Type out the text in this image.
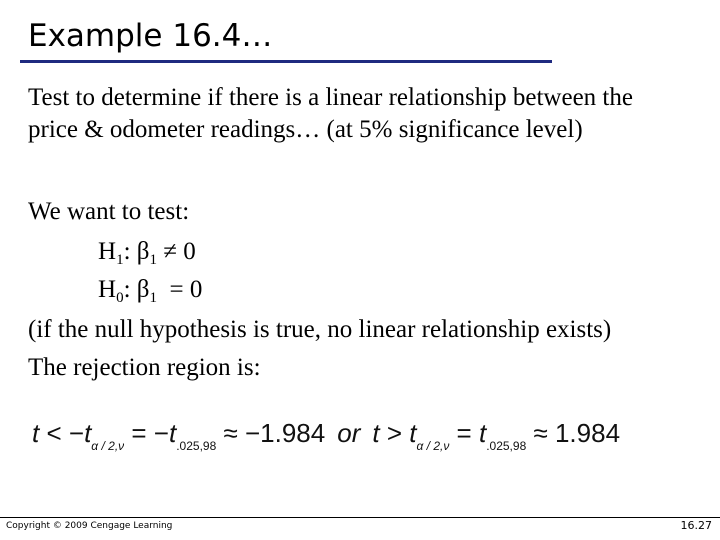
Example 16.4…
Test to determine if there is a linear relationship between the
price & odometer readings… (at 5% significance level)
We want to test:
$H_1$: $\beta_1 \ne 0$
$H_0$: $\beta_1 = 0$
(if the null hypothesis is true, no linear relationship exists)
The rejection region is:
$t < -t_{\alpha / 2,\nu} = -t_{.025,98} \approx -1.984$ or $t > t_{\alpha / 2,\nu} = t_{.025,98} \approx 1.984$
Copyright © 2009 Cengage Learning	16.27
